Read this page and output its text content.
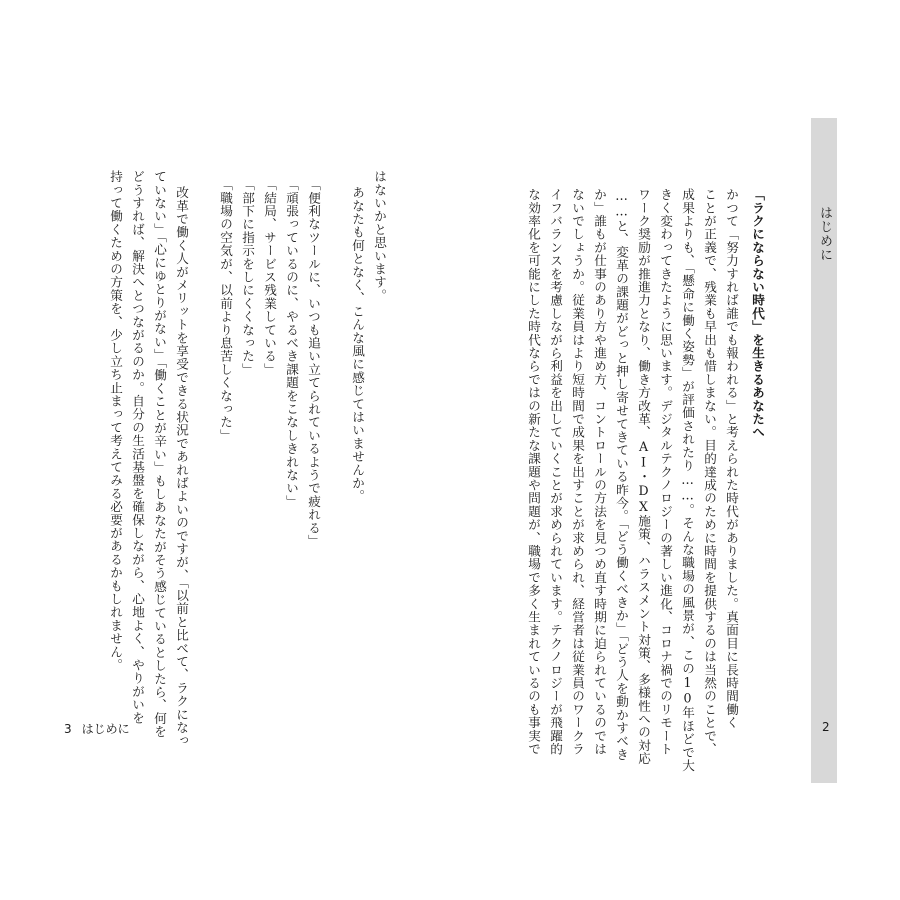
はじめに
「ラクにならない時代」を生きるあなたへ
かつて「努力すれば誰でも報われる」と考えられた時代がありました。真面目に長時間働く
ことが正義で、残業も早出も惜しまない。目的達成のために時間を提供するのは当然のことで、
成果よりも、「懸命に働く姿勢」が評価されたり……。そんな職場の風景が、この10年ほどで大
きく変わってきたように思います。デジタルテクノロジーの著しい進化、コロナ禍でのリモート
ワーク奨励が推進力となり、働き方改革、AI・DX施策、ハラスメント対策、多様性への対応
……と、変革の課題がどっと押し寄せてきている昨今。「どう働くべきか」「どう人を動かすべき
か」誰もが仕事のあり方や進め方、コントロールの方法を見つめ直す時期に迫られているのでは
ないでしょうか。従業員はより短時間で成果を出すことが求められ、経営者は従業員のワークラ
イフバランスを考慮しながら利益を出していくことが求められています。テクノロジーが飛躍的
な効率化を可能にした時代ならではの新たな課題や問題が、職場で多く生まれているのも事実で	2
はないかと思います。
あなたも何となく、こんな風に感じてはいませんか。
「便利なツールに、いつも追い立てられているようで疲れる」
「頑張っているのに、やるべき課題をこなしきれない」
「結局、サービス残業している」
「部下に指示をしにくくなった」
「職場の空気が、以前より息苦しくなった」
改革で働く人がメリットを享受できる状況であればよいのですが、「以前と比べて、ラクになっ
ていない」「心にゆとりがない」「働くことが辛い」もしあなたがそう感じているとしたら、何を
どうすれば、解決へとつながるのか。自分の生活基盤を確保しながら、心地よく、やりがいを
持って働くための方策を、少し立ち止まって考えてみる必要があるかもしれません。
3 はじめに
